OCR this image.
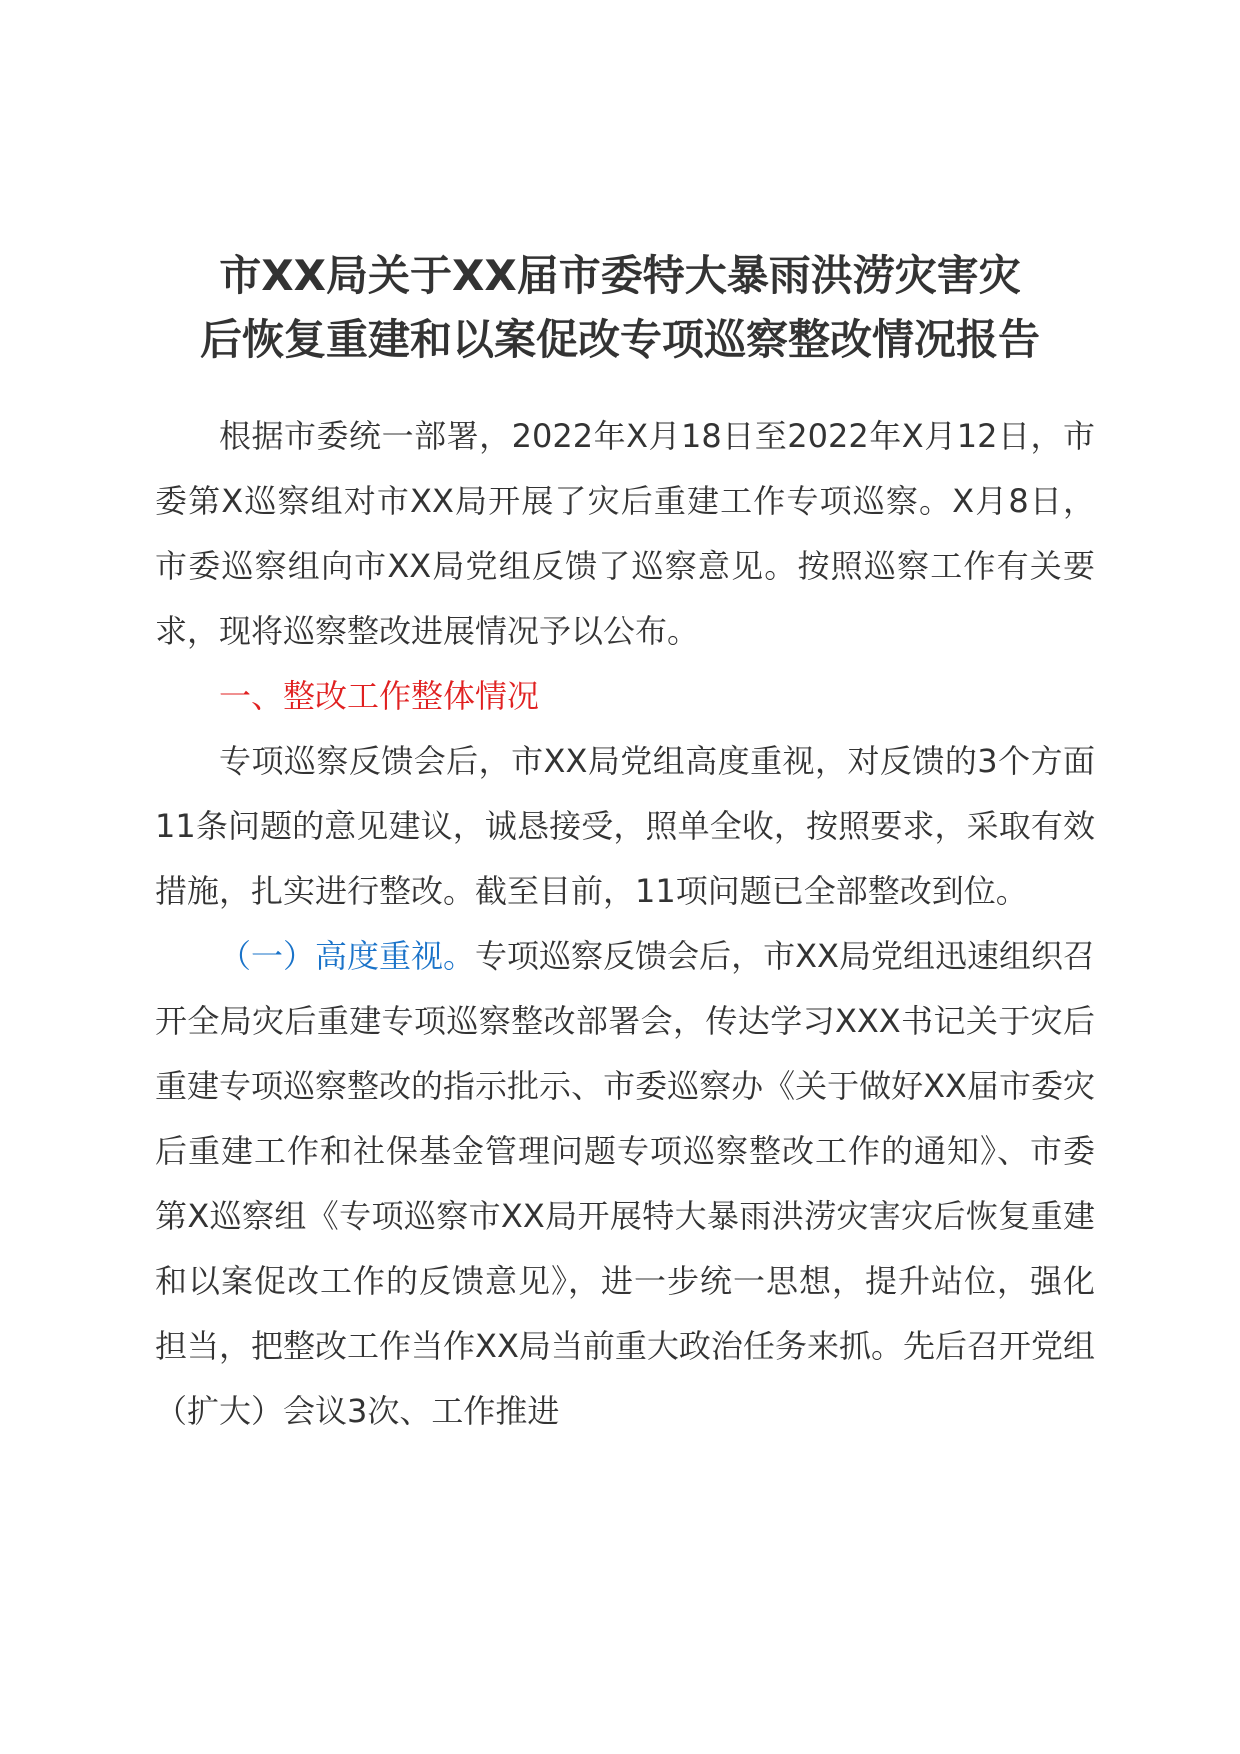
市XX局关于XX届市委特大暴雨洪涝灾害灾
后恢复重建和以案促改专项巡察整改情况报告

根据市委统一部署，2022年X月18日至2022年X月12日，市委第X巡察组对市XX局开展了灾后重建工作专项巡察。X月8日，市委巡察组向市XX局党组反馈了巡察意见。按照巡察工作有关要求，现将巡察整改进展情况予以公布。

一、整改工作整体情况

专项巡察反馈会后，市XX局党组高度重视，对反馈的3个方面11条问题的意见建议，诚恳接受，照单全收，按照要求，采取有效措施，扎实进行整改。截至目前，11项问题已全部整改到位。

（一）高度重视。专项巡察反馈会后，市XX局党组迅速组织召开全局灾后重建专项巡察整改部署会，传达学习XXX书记关于灾后重建专项巡察整改的指示批示、市委巡察办《关于做好XX届市委灾后重建工作和社保基金管理问题专项巡察整改工作的通知》、市委第X巡察组《专项巡察市XX局开展特大暴雨洪涝灾害灾后恢复重建和以案促改工作的反馈意见》，进一步统一思想，提升站位，强化担当，把整改工作当作XX局当前重大政治任务来抓。先后召开党组（扩大）会议3次、工作推进
